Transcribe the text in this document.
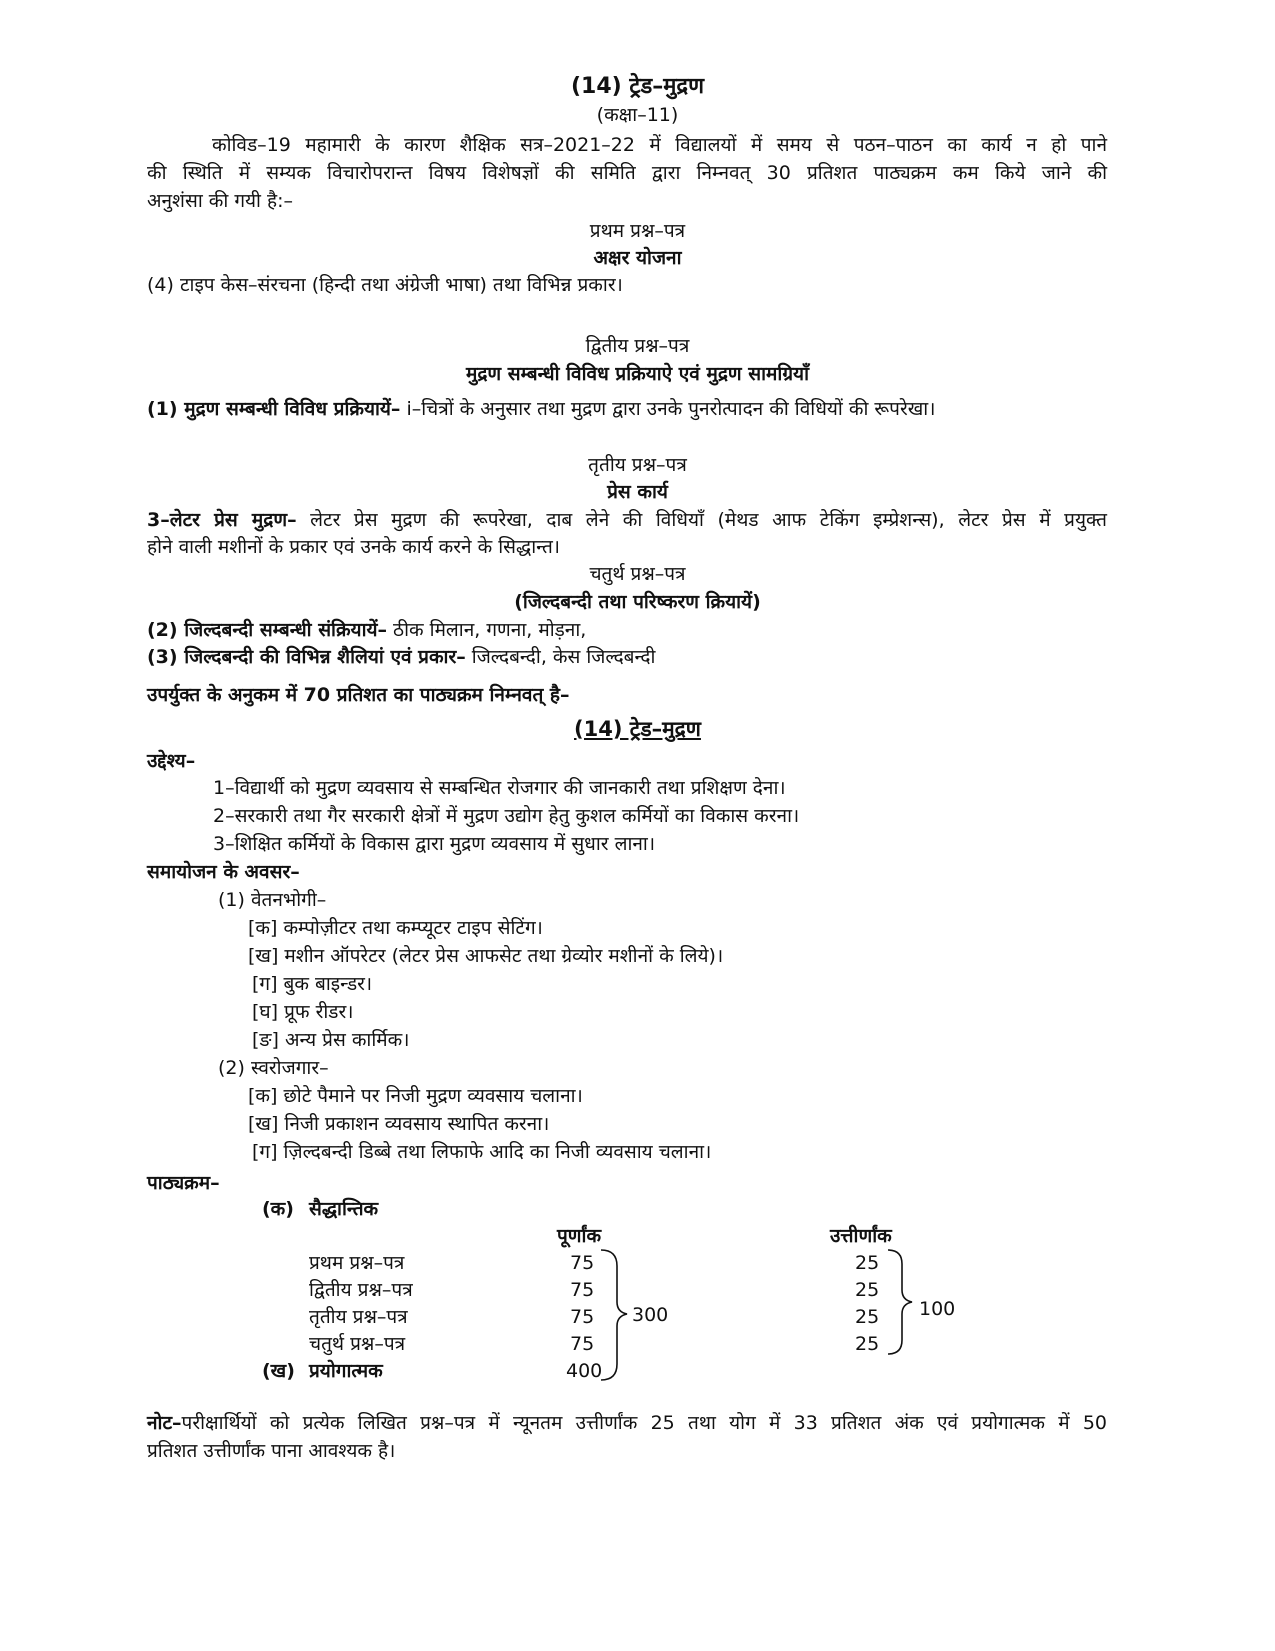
(14) ट्रेड–मुद्रण
(कक्षा–11)
कोविड–19 महामारी के कारण शैक्षिक सत्र–2021–22 में विद्यालयों में समय से पठन–पाठन का कार्य न हो पाने
की स्थिति में सम्यक विचारोपरान्त विषय विशेषज्ञों की समिति द्वारा निम्नवत् 30 प्रतिशत पाठ्यक्रम कम किये जाने की
अनुशंसा की गयी है:–
प्रथम प्रश्न–पत्र
अक्षर योजना
(4) टाइप केस–संरचना (हिन्दी तथा अंग्रेजी भाषा) तथा विभिन्न प्रकार।
द्वितीय प्रश्न–पत्र
मुद्रण सम्बन्धी विविध प्रक्रियाऐ एवं मुद्रण सामग्रियाँ
(1) मुद्रण सम्बन्धी विविध प्रक्रियायें– i–चित्रों के अनुसार तथा मुद्रण द्वारा उनके पुनरोत्पादन की विधियों की रूपरेखा।
तृतीय प्रश्न–पत्र
प्रेस कार्य
3–लेटर प्रेस मुद्रण– लेटर प्रेस मुद्रण की रूपरेखा, दाब लेने की विधियाँ (मेथड आफ टेकिंग इम्प्रेशन्स), लेटर प्रेस में प्रयुक्त
होने वाली मशीनों के प्रकार एवं उनके कार्य करने के सिद्धान्त।
चतुर्थ प्रश्न–पत्र
(जिल्दबन्दी तथा परिष्करण क्रियायें)
(2) जिल्दबन्दी सम्बन्धी संक्रियायें– ठीक मिलान, गणना, मोड़ना,
(3) जिल्दबन्दी की विभिन्न शैलियां एवं प्रकार– जिल्दबन्दी, केस जिल्दबन्दी
उपर्युक्त के अनुकम में 70 प्रतिशत का पाठ्यक्रम निम्नवत् है–
(14) ट्रेड–मुद्रण
उद्देश्य–
1–विद्यार्थी को मुद्रण व्यवसाय से सम्बन्धित रोजगार की जानकारी तथा प्रशिक्षण देना।
2–सरकारी तथा गैर सरकारी क्षेत्रों में मुद्रण उद्योग हेतु कुशल कर्मियों का विकास करना।
3–शिक्षित कर्मियों के विकास द्वारा मुद्रण व्यवसाय में सुधार लाना।
समायोजन के अवसर–
(1) वेतनभोगी–
[क] कम्पोज़ीटर तथा कम्प्यूटर टाइप सेटिंग।
[ख] मशीन ऑपरेटर (लेटर प्रेस आफसेट तथा ग्रेव्योर मशीनों के लिये)।
[ग] बुक बाइन्डर।
[घ] प्रूफ रीडर।
[ङ] अन्य प्रेस कार्मिक।
(2) स्वरोजगार–
[क] छोटे पैमाने पर निजी मुद्रण व्यवसाय चलाना।
[ख] निजी प्रकाशन व्यवसाय स्थापित करना।
[ग] ज़िल्दबन्दी डिब्बे तथा लिफाफे आदि का निजी व्यवसाय चलाना।
पाठ्यक्रम–
(क) सैद्धान्तिक
पूर्णांक	उत्तीर्णांक
प्रथम प्रश्न–पत्र	75	25
द्वितीय प्रश्न–पत्र	75	25
तृतीय प्रश्न–पत्र	75	25
चतुर्थ प्रश्न–पत्र	75	25
(ख) प्रयोगात्मक	400
300	100
नोट–परीक्षार्थियों को प्रत्येक लिखित प्रश्न–पत्र में न्यूनतम उत्तीर्णांक 25 तथा योग में 33 प्रतिशत अंक एवं प्रयोगात्मक में 50
प्रतिशत उत्तीर्णांक पाना आवश्यक है।
